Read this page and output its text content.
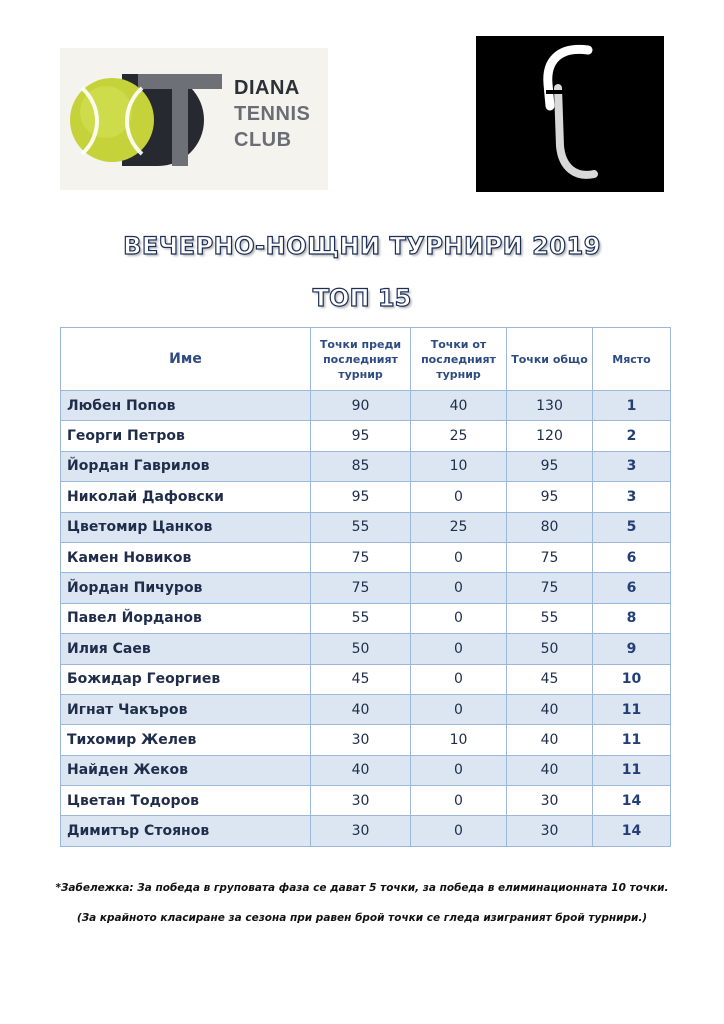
DIANA
TENNIS
CLUB
ВЕЧЕРНО-НОЩНИ ТУРНИРИ 2019
ТОП 15
Име	Точки преди последният турнир	Точки от последният турнир	Точки общо	Място
Любен Попов	90	40	130	1
Георги Петров	95	25	120	2
Йордан Гаврилов	85	10	95	3
Николай Дафовски	95	0	95	3
Цветомир Цанков	55	25	80	5
Камен Новиков	75	0	75	6
Йордан Пичуров	75	0	75	6
Павел Йорданов	55	0	55	8
Илия Саев	50	0	50	9
Божидар Георгиев	45	0	45	10
Игнат Чакъров	40	0	40	11
Тихомир Желев	30	10	40	11
Найден Жеков	40	0	40	11
Цветан Тодоров	30	0	30	14
Димитър Стоянов	30	0	30	14
*Забележка: За победа в груповата фаза се дават 5 точки, за победа в елиминационната 10 точки.
(За крайното класиране за сезона при равен брой точки се гледа изиграният брой турнири.)
